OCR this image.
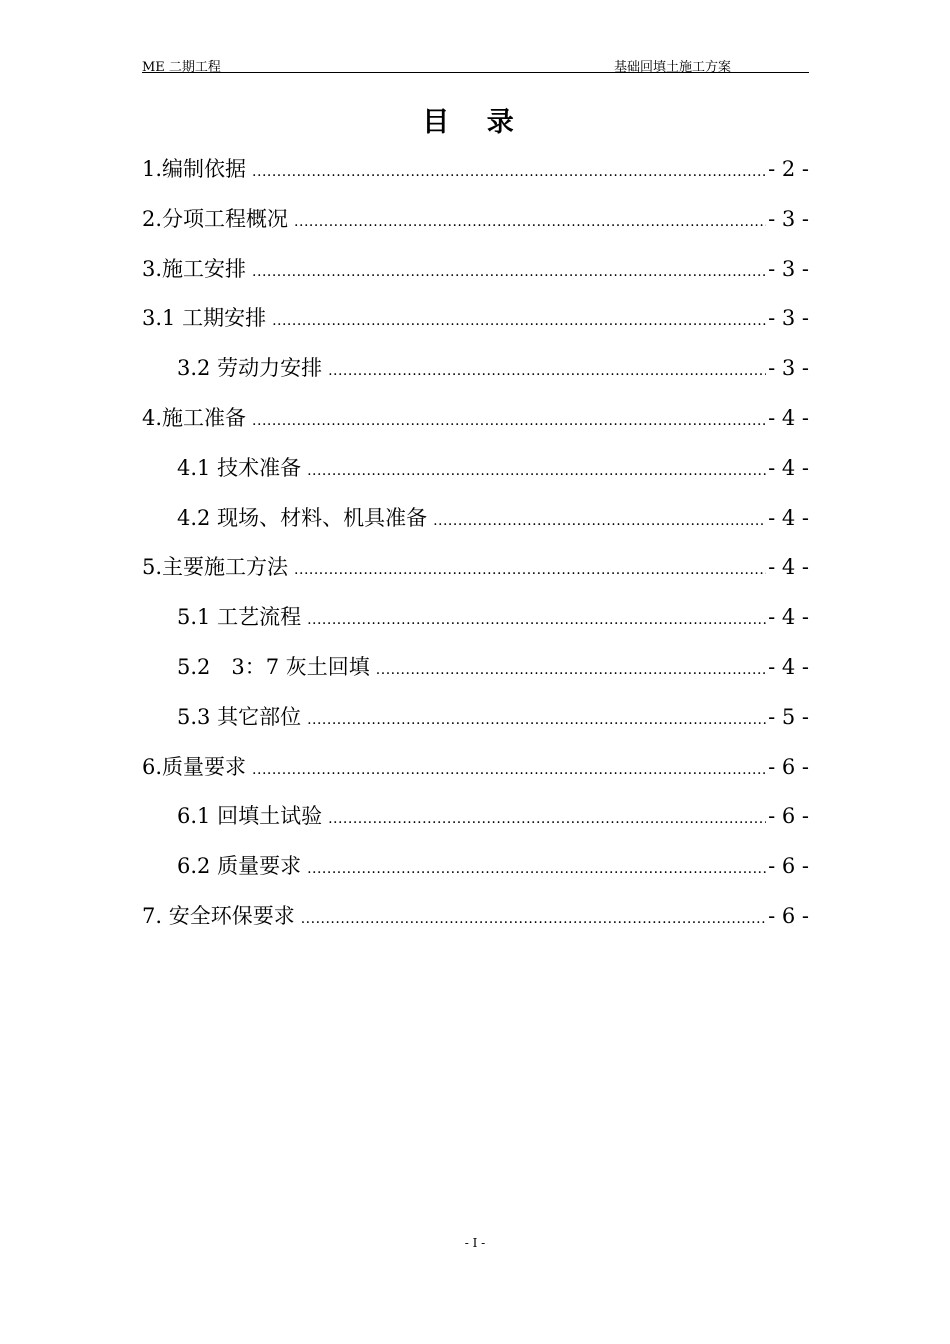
ME 二期工程	基础回填土施工方案
目 录
1.编制依据 .....	- 2 -
2.分项工程概况 .....	- 3 -
3.施工安排 .....	- 3 -
3.1 工期安排 .....	- 3 -
3.2 劳动力安排 .....	- 3 -
4.施工准备 .....	- 4 -
4.1 技术准备 .....	- 4 -
4.2 现场、材料、机具准备 .....	- 4 -
5.主要施工方法 .....	- 4 -
5.1 工艺流程 .....	- 4 -
5.2　3：7 灰土回填 .....	- 4 -
5.3 其它部位 .....	- 5 -
6.质量要求 .....	- 6 -
6.1 回填土试验 .....	- 6 -
6.2 质量要求 .....	- 6 -
7. 安全环保要求 .....	- 6 -
- I -
